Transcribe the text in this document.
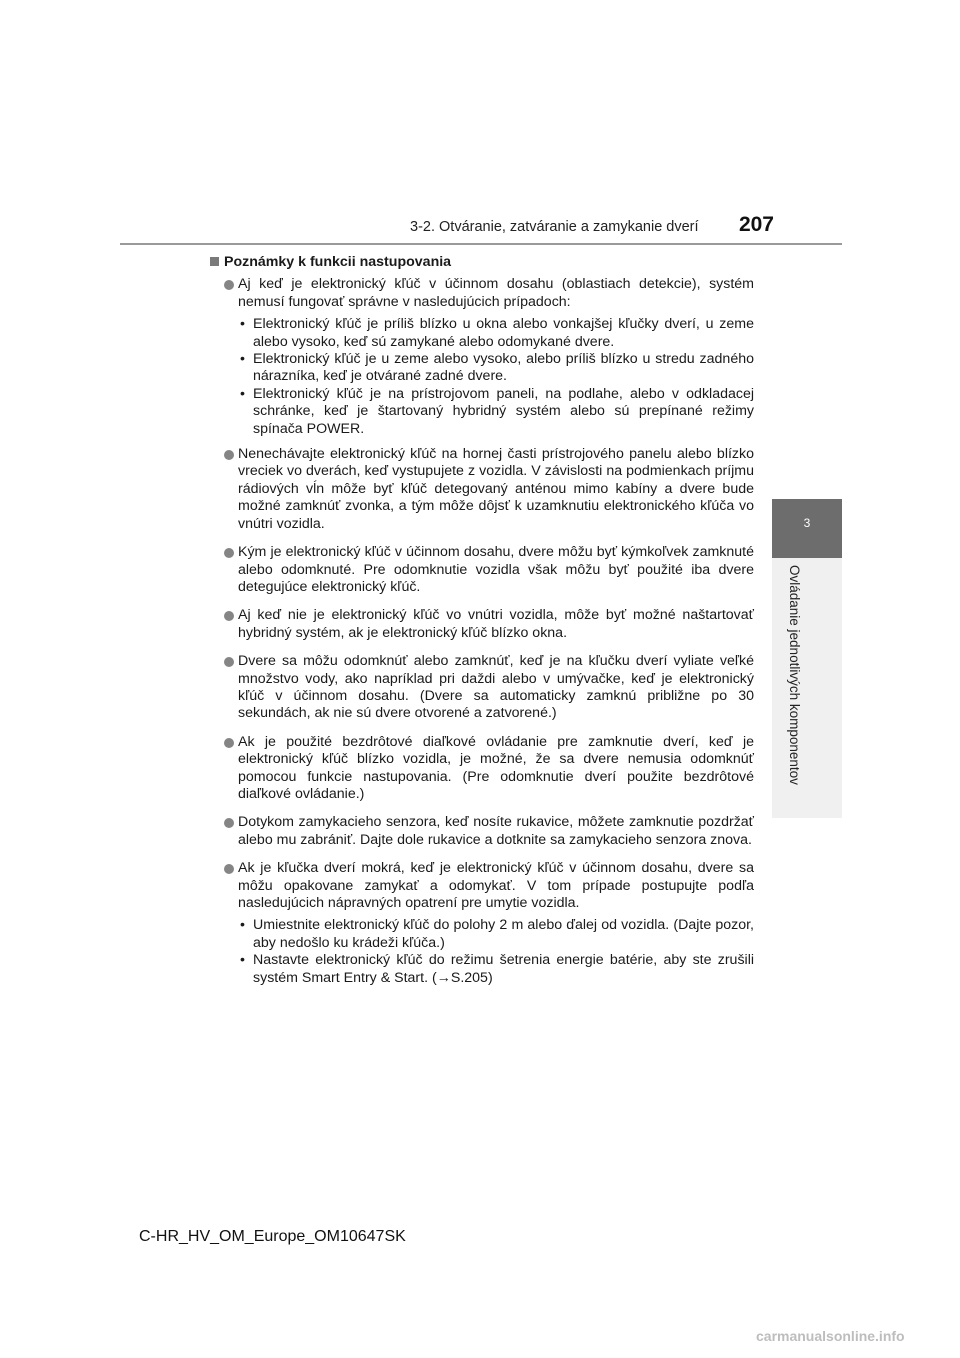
3-2. Otváranie, zatváranie a zamykanie dverí	207
3
Ovládanie jednotlivých komponentov
Poznámky k funkcii nastupovania

Aj keď je elektronický kľúč v účinnom dosahu (oblastiach detekcie), systém nemusí fungovať správne v nasledujúcich prípadoch:

• Elektronický kľúč je príliš blízko u okna alebo vonkajšej kľučky dverí, u zeme alebo vysoko, keď sú zamykané alebo odomykané dvere.
• Elektronický kľúč je u zeme alebo vysoko, alebo príliš blízko u stredu zadného nárazníka, keď je otvárané zadné dvere.
• Elektronický kľúč je na prístrojovom paneli, na podlahe, alebo v odkladacej schránke, keď je štartovaný hybridný systém alebo sú prepínané režimy spínača POWER.

Nenechávajte elektronický kľúč na hornej časti prístrojového panelu alebo blízko vreciek vo dverách, keď vystupujete z vozidla. V závislosti na podmienkach príjmu rádiových vĺn môže byť kľúč detegovaný anténou mimo kabíny a dvere bude možné zamknúť zvonka, a tým môže dôjsť k uzamknutiu elektronického kľúča vo vnútri vozidla.

Kým je elektronický kľúč v účinnom dosahu, dvere môžu byť kýmkoľvek zamknuté alebo odomknuté. Pre odomknutie vozidla však môžu byť použité iba dvere detegujúce elektronický kľúč.

Aj keď nie je elektronický kľúč vo vnútri vozidla, môže byť možné naštartovať hybridný systém, ak je elektronický kľúč blízko okna.

Dvere sa môžu odomknúť alebo zamknúť, keď je na kľučku dverí vyliate veľké množstvo vody, ako napríklad pri daždi alebo v umývačke, keď je elektronický kľúč v účinnom dosahu. (Dvere sa automaticky zamknú približne po 30 sekundách, ak nie sú dvere otvorené a zatvorené.)

Ak je použité bezdrôtové diaľkové ovládanie pre zamknutie dverí, keď je elektronický kľúč blízko vozidla, je možné, že sa dvere nemusia odomknúť pomocou funkcie nastupovania. (Pre odomknutie dverí použite bezdrôtové diaľkové ovládanie.)

Dotykom zamykacieho senzora, keď nosíte rukavice, môžete zamknutie pozdržať alebo mu zabrániť. Dajte dole rukavice a dotknite sa zamykacieho senzora znova.

Ak je kľučka dverí mokrá, keď je elektronický kľúč v účinnom dosahu, dvere sa môžu opakovane zamykať a odomykať. V tom prípade postupujte podľa nasledujúcich nápravných opatrení pre umytie vozidla.

• Umiestnite elektronický kľúč do polohy 2 m alebo ďalej od vozidla. (Dajte pozor, aby nedošlo ku krádeži kľúča.)
• Nastavte elektronický kľúč do režimu šetrenia energie batérie, aby ste zrušili systém Smart Entry & Start. (→S.205)
C-HR_HV_OM_Europe_OM10647SK
carmanualsonline.info
